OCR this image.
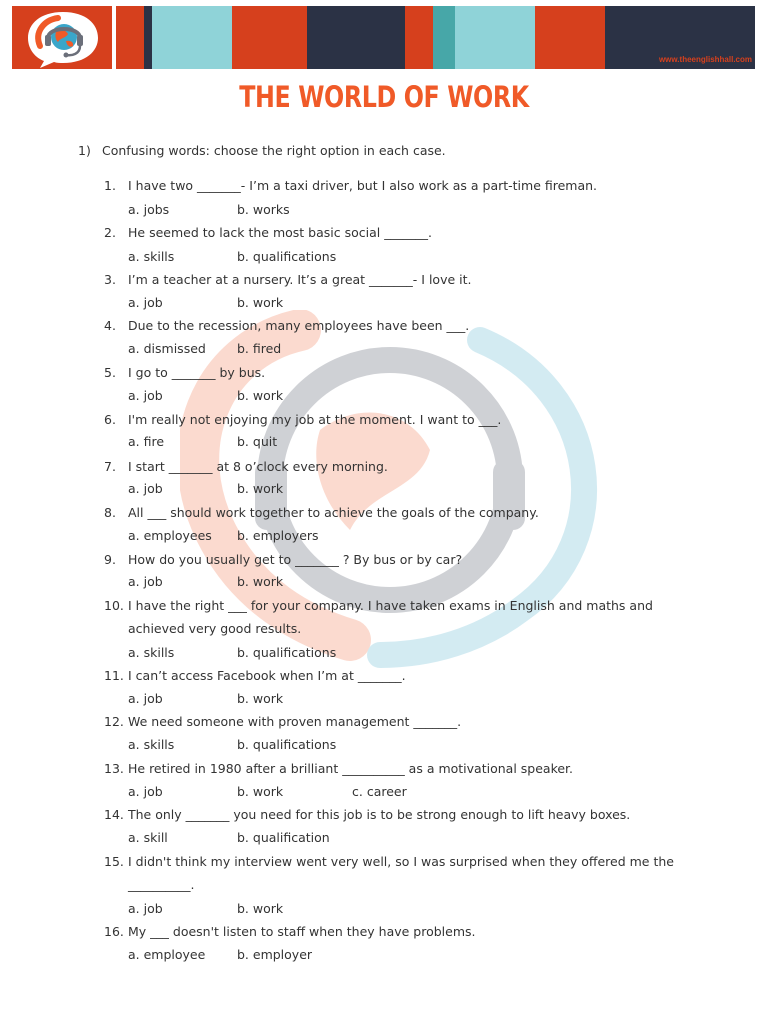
www.theenglishhall.com
THE WORLD OF WORK
1) Confusing words: choose the right option in each case.
1. I have two _______- I’m a taxi driver, but I also work as a part-time fireman.
a. jobs	b. works
2. He seemed to lack the most basic social _______.
a. skills	b. qualifications
3. I’m a teacher at a nursery. It’s a great _______- I love it.
a. job	b. work
4. Due to the recession, many employees have been ___.
a. dismissed b. fired
5. I go to _______ by bus.
a. job	b. work
6. I'm really not enjoying my job at the moment. I want to ___.
a. fire	b. quit
7. I start _______ at 8 o’clock every morning.
a. job	b. work
8. All ___ should work together to achieve the goals of the company.
a. employees b. employers
9. How do you usually get to _______ ? By bus or by car?
a. job	b. work
10. I have the right ___ for your company. I have taken exams in English and maths and achieved very good results.
a. skills	b. qualifications
11. I can’t access Facebook when I’m at _______.
a. job	b. work
12. We need someone with proven management _______.
a. skills	b. qualifications
13. He retired in 1980 after a brilliant __________ as a motivational speaker.
a. job	b. work	c. career
14. The only _______ you need for this job is to be strong enough to lift heavy boxes.
a. skill	b. qualification
15. I didn't think my interview went very well, so I was surprised when they offered me the __________.
a. job	b. work
16. My ___ doesn't listen to staff when they have problems.
a. employee	b. employer
